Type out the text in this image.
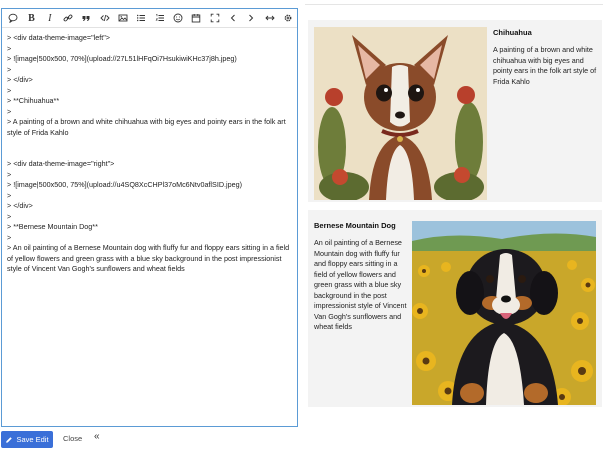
B I
> <div data-theme-image="left">
>
> ![image|500x500, 70%](upload://27L51lHFqOi7HsukiwiKHc37j8h.jpeg)
>
> </div>
>
> **Chihuahua**
>
> A painting of a brown and white chihuahua with big eyes and pointy ears in the folk art style of Frida Kahlo
> <div data-theme-image="right">
>
> ![image|500x500, 75%](upload://u4SQ8XcCHPl37oMc6Ntv0aflSID.jpeg)
>
> </div>
>
> **Bernese Mountain Dog**
>
> An oil painting of a Bernese Mountain dog with fluffy fur and floppy ears sitting in a field of yellow flowers and green grass with a blue sky background in the post impressionist style of Vincent Van Gogh's sunflowers and wheat fields
Save Edit Close «
Chihuahua
A painting of a brown and white chihuahua with big eyes and pointy ears in the folk art style of Frida Kahlo
Bernese Mountain Dog
An oil painting of a Bernese Mountain dog with fluffy fur and floppy ears sitting in a field of yellow flowers and green grass with a blue sky background in the post impressionist style of Vincent Van Gogh's sunflowers and wheat fields
